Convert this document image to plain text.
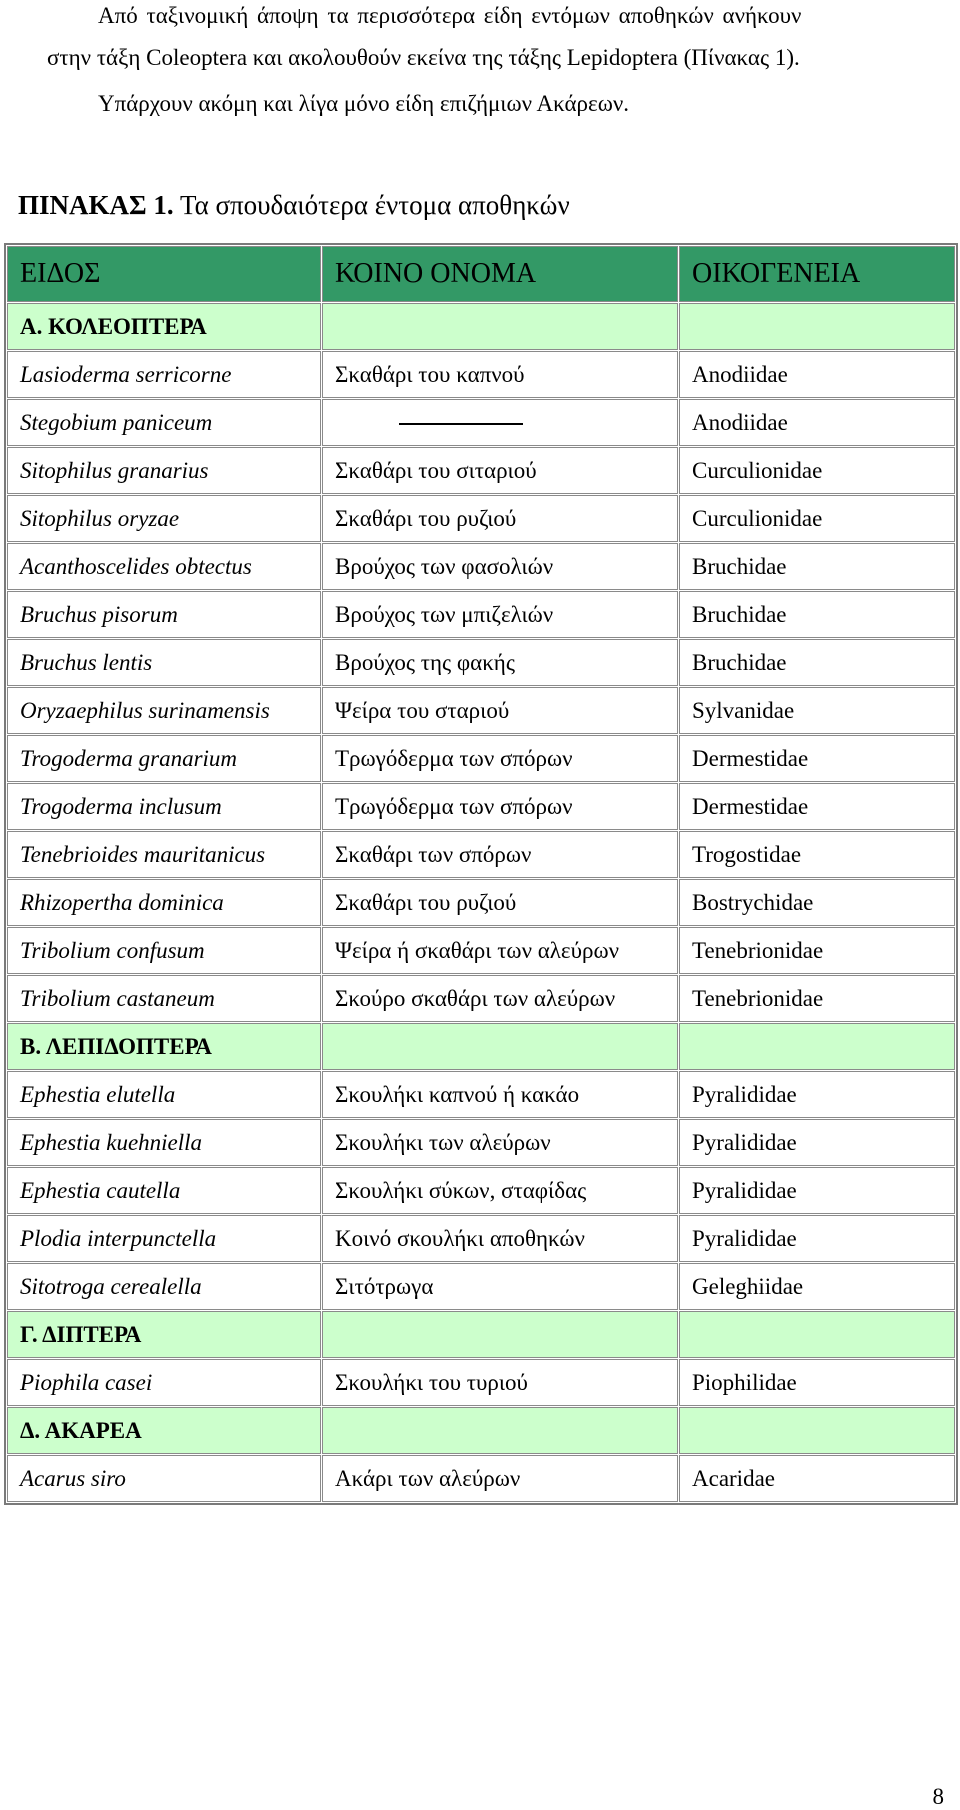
Από ταξινομική άποψη τα περισσότερα είδη εντόμων αποθηκών ανήκουν
στην τάξη Coleoptera και ακολουθούν εκείνα της τάξης Lepidoptera (Πίνακας 1).
Υπάρχουν ακόμη και λίγα μόνο είδη επιζήμιων Ακάρεων.
ΠΙΝΑΚΑΣ 1. Τα σπουδαιότερα έντομα αποθηκών
ΕΙΔΟΣ	ΚΟΙΝΟ ΟΝΟΜΑ	ΟΙΚΟΓΕΝΕΙΑ
Α. ΚΟΛΕΟΠΤΕΡΑ		
Lasioderma serricorne	Σκαθάρι του καπνού	Anodiidae
Stegobium paniceum		Anodiidae
Sitophilus granarius	Σκαθάρι του σιταριού	Curculionidae
Sitophilus oryzae	Σκαθάρι του ρυζιού	Curculionidae
Acanthoscelides obtectus	Βρούχος των φασολιών	Bruchidae
Bruchus pisorum	Βρούχος των μπιζελιών	Bruchidae
Bruchus lentis	Βρούχος της φακής	Bruchidae
Oryzaephilus surinamensis	Ψείρα του σταριού	Sylvanidae
Trogoderma granarium	Τρωγόδερμα των σπόρων	Dermestidae
Trogoderma inclusum	Τρωγόδερμα των σπόρων	Dermestidae
Tenebrioides mauritanicus	Σκαθάρι των σπόρων	Trogostidae
Rhizopertha dominica	Σκαθάρι του ρυζιού	Bostrychidae
Tribolium confusum	Ψείρα ή σκαθάρι των αλεύρων	Tenebrionidae
Tribolium castaneum	Σκούρο σκαθάρι των αλεύρων	Tenebrionidae
Β. ΛΕΠΙΔΟΠΤΕΡΑ		
Ephestia elutella	Σκουλήκι καπνού ή κακάο	Pyralididae
Ephestia kuehniella	Σκουλήκι των αλεύρων	Pyralididae
Ephestia cautella	Σκουλήκι σύκων, σταφίδας	Pyralididae
Plodia interpunctella	Κοινό σκουλήκι αποθηκών	Pyralididae
Sitotroga cerealella	Σιτότρωγα	Geleghiidae
Γ. ΔΙΠΤΕΡΑ		
Piophila casei	Σκουλήκι του τυριού	Piophilidae
Δ. ΑΚΑΡΕΑ		
Acarus siro	Ακάρι των αλεύρων	Acaridae
8
